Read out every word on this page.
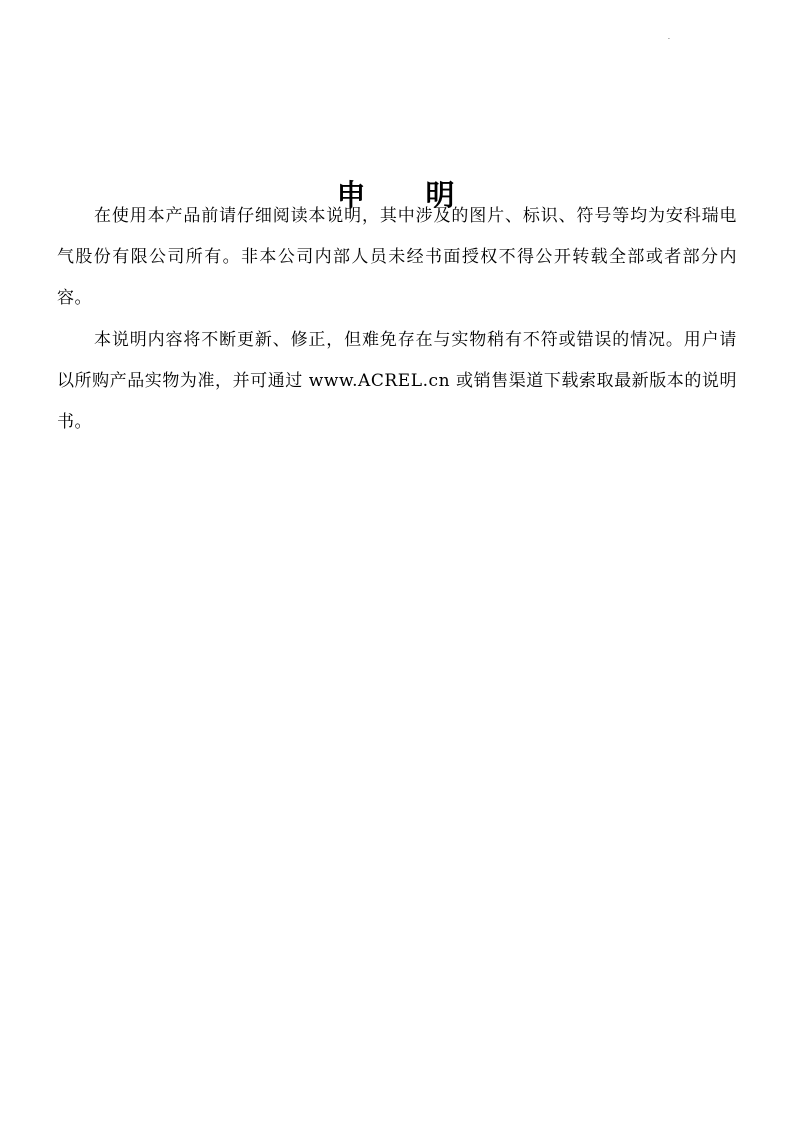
.
申 明

在使用本产品前请仔细阅读本说明，其中涉及的图片、标识、符号等均为安科瑞电气股份有限公司所有。非本公司内部人员未经书面授权不得公开转载全部或者部分内容。

本说明内容将不断更新、修正，但难免存在与实物稍有不符或错误的情况。用户请以所购产品实物为准，并可通过 www.ACREL.cn 或销售渠道下载索取最新版本的说明书。
